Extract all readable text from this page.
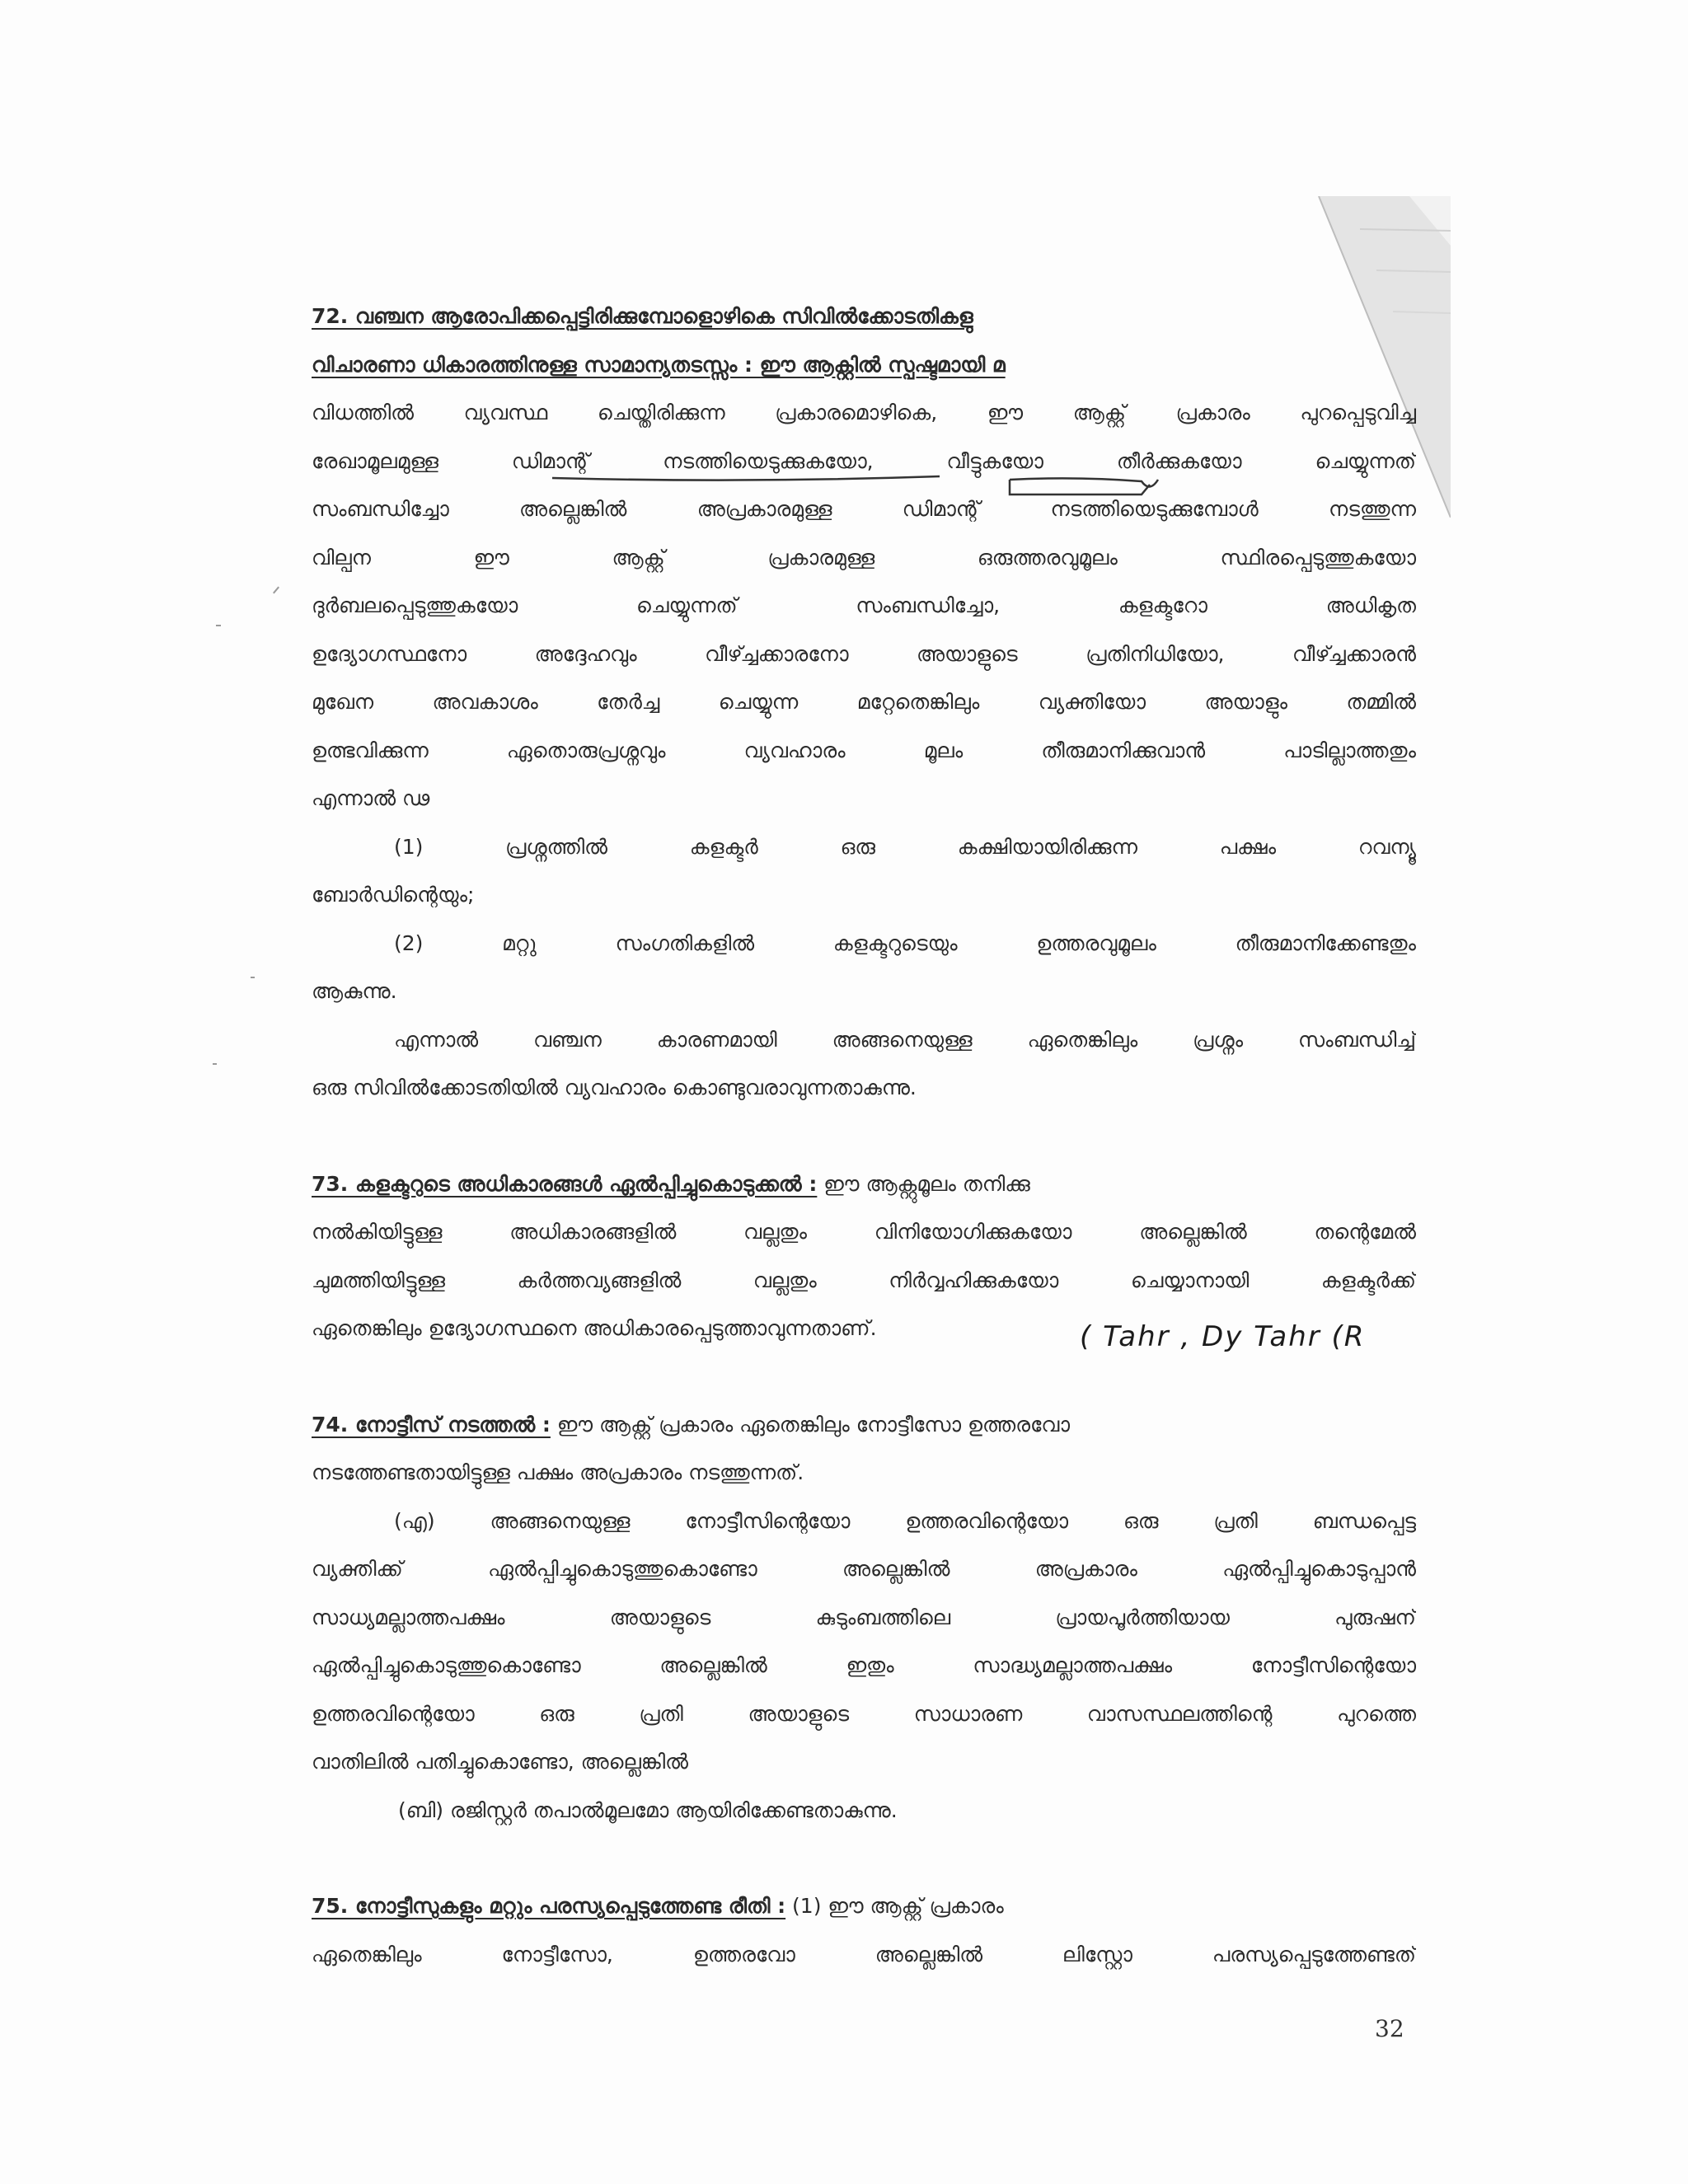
72. വഞ്ചന ആരോപിക്കപ്പെട്ടിരിക്കുമ്പോളൊഴികെ സിവിൽക്കോടതികളു
വിചാരണാ ധികാരത്തിനുള്ള സാമാന്യതടസ്സം : ഈ ആക്റ്റിൽ സ്പഷ്ടമായി മ
വിധത്തിൽ വ്യവസ്ഥ ചെയ്തിരിക്കുന്ന പ്രകാരമൊഴികെ, ഈ ആക്റ്റ് പ്രകാരം പുറപ്പെടുവിച്ച
രേഖാമൂലമുള്ള ഡിമാന്റ് നടത്തിയെടുക്കുകയോ, വീട്ടുകയോ തീർക്കുകയോ ചെയ്യുന്നത്
സംബന്ധിച്ചോ അല്ലെങ്കിൽ അപ്രകാരമുള്ള ഡിമാന്റ് നടത്തിയെടുക്കുമ്പോൾ നടത്തുന്ന
വില്പന ഈ ആക്റ്റ് പ്രകാരമുള്ള ഒരുത്തരവുമൂലം സ്ഥിരപ്പെടുത്തുകയോ
ദുർബലപ്പെടുത്തുകയോ ചെയ്യുന്നത് സംബന്ധിച്ചോ, കളക്ടറോ അധികൃത
ഉദ്യോഗസ്ഥനോ അദ്ദേഹവും വീഴ്ച്ചക്കാരനോ അയാളുടെ പ്രതിനിധിയോ, വീഴ്ച്ചക്കാരൻ
മുഖേന അവകാശം തേർച്ച ചെയ്യുന്ന മറ്റേതെങ്കിലും വ്യക്തിയോ അയാളും തമ്മിൽ
ഉത്ഭവിക്കുന്ന ഏതൊരുപ്രശ്നവും വ്യവഹാരം മൂലം തീരുമാനിക്കുവാൻ പാടില്ലാത്തതും
എന്നാൽ ഢ
(1) പ്രശ്നത്തിൽ കളക്ടർ ഒരു കക്ഷിയായിരിക്കുന്ന പക്ഷം റവന്യൂ
ബോർഡിന്റെയും;
(2) മറ്റു സംഗതികളിൽ കളക്ടറുടെയും ഉത്തരവുമൂലം തീരുമാനിക്കേണ്ടതും
ആകുന്നു.
എന്നാൽ വഞ്ചന കാരണമായി അങ്ങനെയുള്ള ഏതെങ്കിലും പ്രശ്നം സംബന്ധിച്ച്
ഒരു സിവിൽക്കോടതിയിൽ വ്യവഹാരം കൊണ്ടുവരാവുന്നതാകുന്നു.
73. കളക്ടറുടെ അധികാരങ്ങൾ ഏൽപ്പിച്ചുകൊടുക്കൽ : ഈ ആക്റ്റുമൂലം തനിക്കു
നൽകിയിട്ടുള്ള അധികാരങ്ങളിൽ വല്ലതും വിനിയോഗിക്കുകയോ അല്ലെങ്കിൽ തന്റെമേൽ
ചുമത്തിയിട്ടുള്ള കർത്തവ്യങ്ങളിൽ വല്ലതും നിർവ്വഹിക്കുകയോ ചെയ്യാനായി കളക്ടർക്ക്
ഏതെങ്കിലും ഉദ്യോഗസ്ഥനെ അധികാരപ്പെടുത്താവുന്നതാണ്.	( Tahr , Dy Tahr (R
74. നോട്ടീസ് നടത്തൽ : ഈ ആക്റ്റ് പ്രകാരം ഏതെങ്കിലും നോട്ടീസോ ഉത്തരവോ
നടത്തേണ്ടതായിട്ടുള്ള പക്ഷം അപ്രകാരം നടത്തുന്നത്.
(എ) അങ്ങനെയുള്ള നോട്ടീസിന്റെയോ ഉത്തരവിന്റെയോ ഒരു പ്രതി ബന്ധപ്പെട്ട
വ്യക്തിക്ക് ഏൽപ്പിച്ചുകൊടുത്തുകൊണ്ടോ അല്ലെങ്കിൽ അപ്രകാരം ഏൽപ്പിച്ചുകൊടുപ്പാൻ
സാധ്യമല്ലാത്തപക്ഷം അയാളുടെ കുടുംബത്തിലെ പ്രായപൂർത്തിയായ പുരുഷന്
ഏൽപ്പിച്ചുകൊടുത്തുകൊണ്ടോ അല്ലെങ്കിൽ ഇതും സാദ്ധ്യമല്ലാത്തപക്ഷം നോട്ടീസിന്റെയോ
ഉത്തരവിന്റെയോ ഒരു പ്രതി അയാളുടെ സാധാരണ വാസസ്ഥലത്തിന്റെ പുറത്തെ
വാതിലിൽ പതിച്ചുകൊണ്ടോ, അല്ലെങ്കിൽ
(ബി) രജിസ്റ്റർ തപാൽമൂലമോ ആയിരിക്കേണ്ടതാകുന്നു.
75. നോട്ടീസുകളും മറ്റും പരസ്യപ്പെടുത്തേണ്ട രീതി : (1) ഈ ആക്റ്റ് പ്രകാരം
ഏതെങ്കിലും നോട്ടീസോ, ഉത്തരവോ അല്ലെങ്കിൽ ലിസ്റ്റോ പരസ്യപ്പെടുത്തേണ്ടത്
32
